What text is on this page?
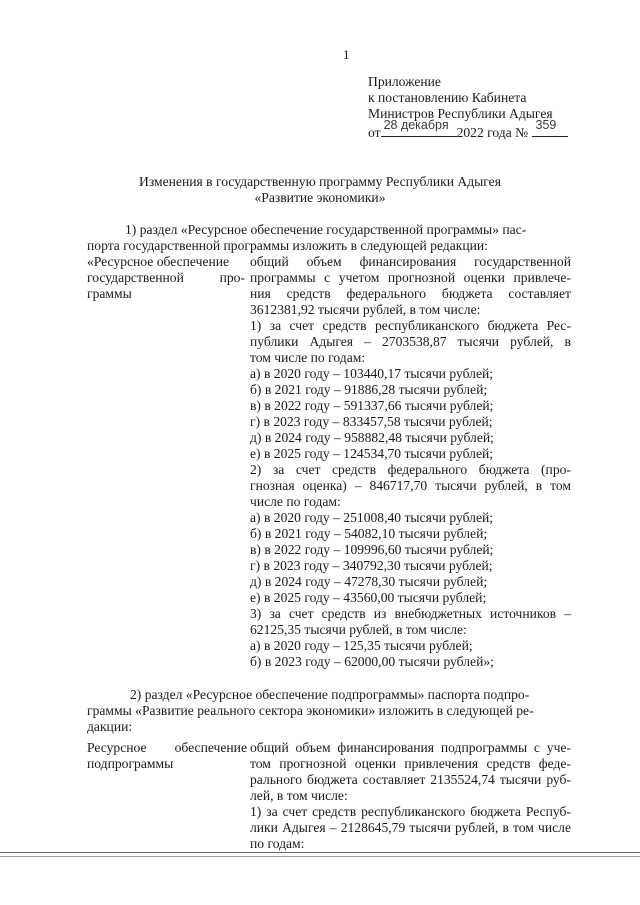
1
Приложение
к постановлению Кабинета
Министров Республики Адыгея
от 28 декабря 2022 года № 359
Изменения в государственную программу Республики Адыгея
«Развитие экономики»
1) раздел «Ресурсное обеспечение государственной программы» пас-
порта государственной программы изложить в следующей редакции:
«Ресурсное обеспечение
государственной	про-
граммы
общий объем финансирования государственной
программы с учетом прогнозной оценки привлече-
ния средств федерального бюджета составляет
3612381,92 тысячи рублей, в том числе:
1) за счет средств республиканского бюджета Рес-
публики Адыгея – 2703538,87 тысячи рублей, в
том числе по годам:
а) в 2020 году – 103440,17 тысячи рублей;
б) в 2021 году – 91886,28 тысячи рублей;
в) в 2022 году – 591337,66 тысячи рублей;
г) в 2023 году – 833457,58 тысячи рублей;
д) в 2024 году – 958882,48 тысячи рублей;
е) в 2025 году – 124534,70 тысячи рублей;
2) за счет средств федерального бюджета (про-
гнозная оценка) – 846717,70 тысячи рублей, в том
числе по годам:
а) в 2020 году – 251008,40 тысячи рублей;
б) в 2021 году – 54082,10 тысячи рублей;
в) в 2022 году – 109996,60 тысячи рублей;
г) в 2023 году – 340792,30 тысячи рублей;
д) в 2024 году – 47278,30 тысячи рублей;
е) в 2025 году – 43560,00 тысячи рублей;
3) за счет средств из внебюджетных источников –
62125,35 тысячи рублей, в том числе:
а) в 2020 году – 125,35 тысячи рублей;
б) в 2023 году – 62000,00 тысячи рублей»;
2) раздел «Ресурсное обеспечение подпрограммы» паспорта подпро-
граммы «Развитие реального сектора экономики» изложить в следующей ре-
дакции:
Ресурсное обеспечение
подпрограммы
общий объем финансирования подпрограммы с уче-
том прогнозной оценки привлечения средств феде-
рального бюджета составляет 2135524,74 тысячи руб-
лей, в том числе:
1) за счет средств республиканского бюджета Респуб-
лики Адыгея – 2128645,79 тысячи рублей, в том числе
по годам:
